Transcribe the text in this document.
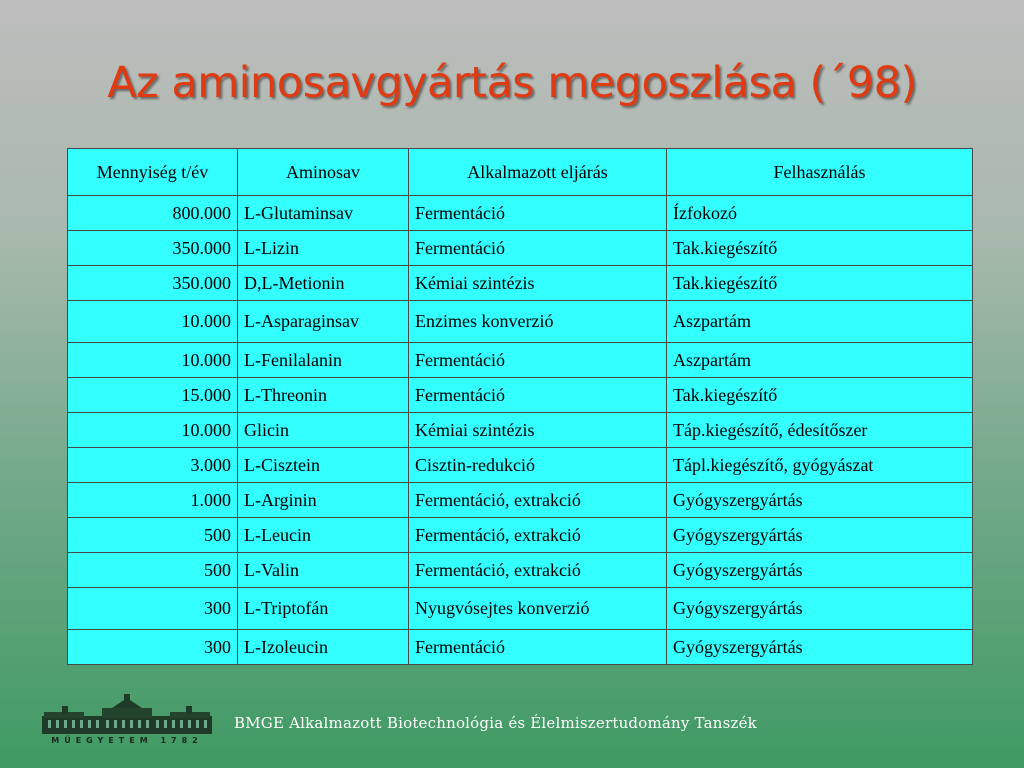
Az aminosavgyártás megoszlása (´98)
Mennyiség t/év	Aminosav	Alkalmazott eljárás	Felhasználás
800.000	L-Glutaminsav	Fermentáció	Ízfokozó
350.000	L-Lizin	Fermentáció	Tak.kiegészítő
350.000	D,L-Metionin	Kémiai szintézis	Tak.kiegészítő
10.000	L-Asparaginsav	Enzimes konverzió	Aszpartám
10.000	L-Fenilalanin	Fermentáció	Aszpartám
15.000	L-Threonin	Fermentáció	Tak.kiegészítő
10.000	Glicin	Kémiai szintézis	Táp.kiegészítő, édesítőszer
3.000	L-Cisztein	Cisztin-redukció	Tápl.kiegészítő, gyógyászat
1.000	L-Arginin	Fermentáció, extrakció	Gyógyszergyártás
500	L-Leucin	Fermentáció, extrakció	Gyógyszergyártás
500	L-Valin	Fermentáció, extrakció	Gyógyszergyártás
300	L-Triptofán	Nyugvósejtes konverzió	Gyógyszergyártás
300	L-Izoleucin	Fermentáció	Gyógyszergyártás
MŰEGYETEM 1782
BMGE Alkalmazott Biotechnológia és Élelmiszertudomány Tanszék
